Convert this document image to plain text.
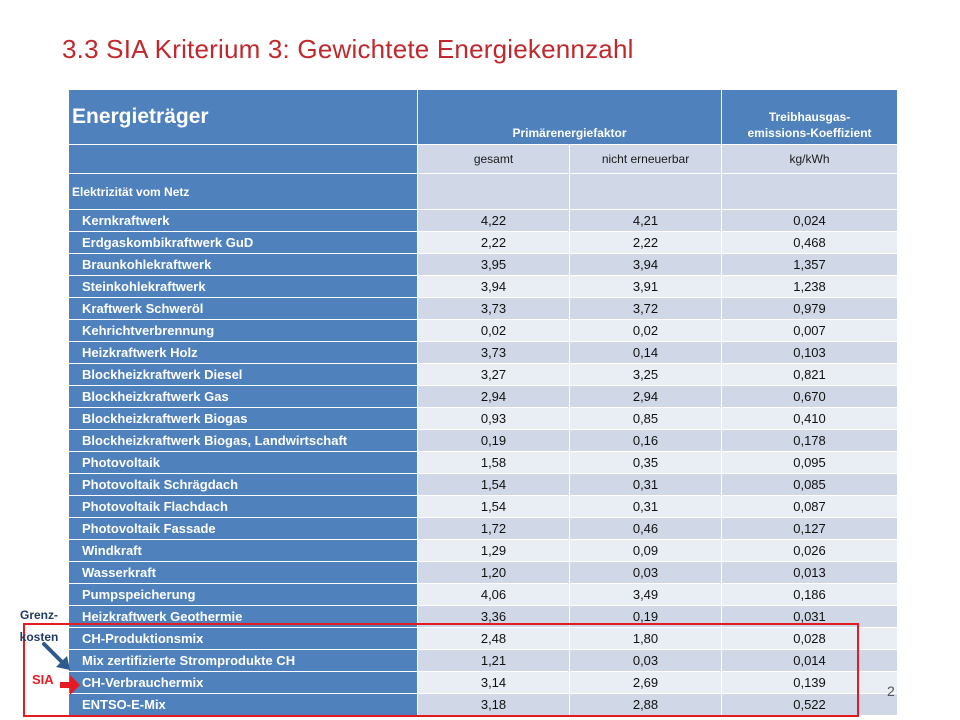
3.3 SIA Kriterium 3: Gewichtete Energiekennzahl
Energieträger	Primärenergiefaktor		Treibhausgas-
emissions-Koeffizient
	gesamt	nicht erneuerbar	kg/kWh
Elektrizität vom Netz			
Kernkraftwerk	4,22	4,21	0,024
Erdgaskombikraftwerk GuD	2,22	2,22	0,468
Braunkohlekraftwerk	3,95	3,94	1,357
Steinkohlekraftwerk	3,94	3,91	1,238
Kraftwerk Schweröl	3,73	3,72	0,979
Kehrichtverbrennung	0,02	0,02	0,007
Heizkraftwerk Holz	3,73	0,14	0,103
Blockheizkraftwerk Diesel	3,27	3,25	0,821
Blockheizkraftwerk Gas	2,94	2,94	0,670
Blockheizkraftwerk Biogas	0,93	0,85	0,410
Blockheizkraftwerk Biogas, Landwirtschaft	0,19	0,16	0,178
Photovoltaik	1,58	0,35	0,095
Photovoltaik Schrägdach	1,54	0,31	0,085
Photovoltaik Flachdach	1,54	0,31	0,087
Photovoltaik Fassade	1,72	0,46	0,127
Windkraft	1,29	0,09	0,026
Wasserkraft	1,20	0,03	0,013
Pumpspeicherung	4,06	3,49	0,186
Heizkraftwerk Geothermie	3,36	0,19	0,031
CH-Produktionsmix	2,48	1,80	0,028
Mix zertifizierte Stromprodukte CH	1,21	0,03	0,014
CH-Verbrauchermix	3,14	2,69	0,139
ENTSO-E-Mix	3,18	2,88	0,522
Grenz-
kosten
SIA
2
